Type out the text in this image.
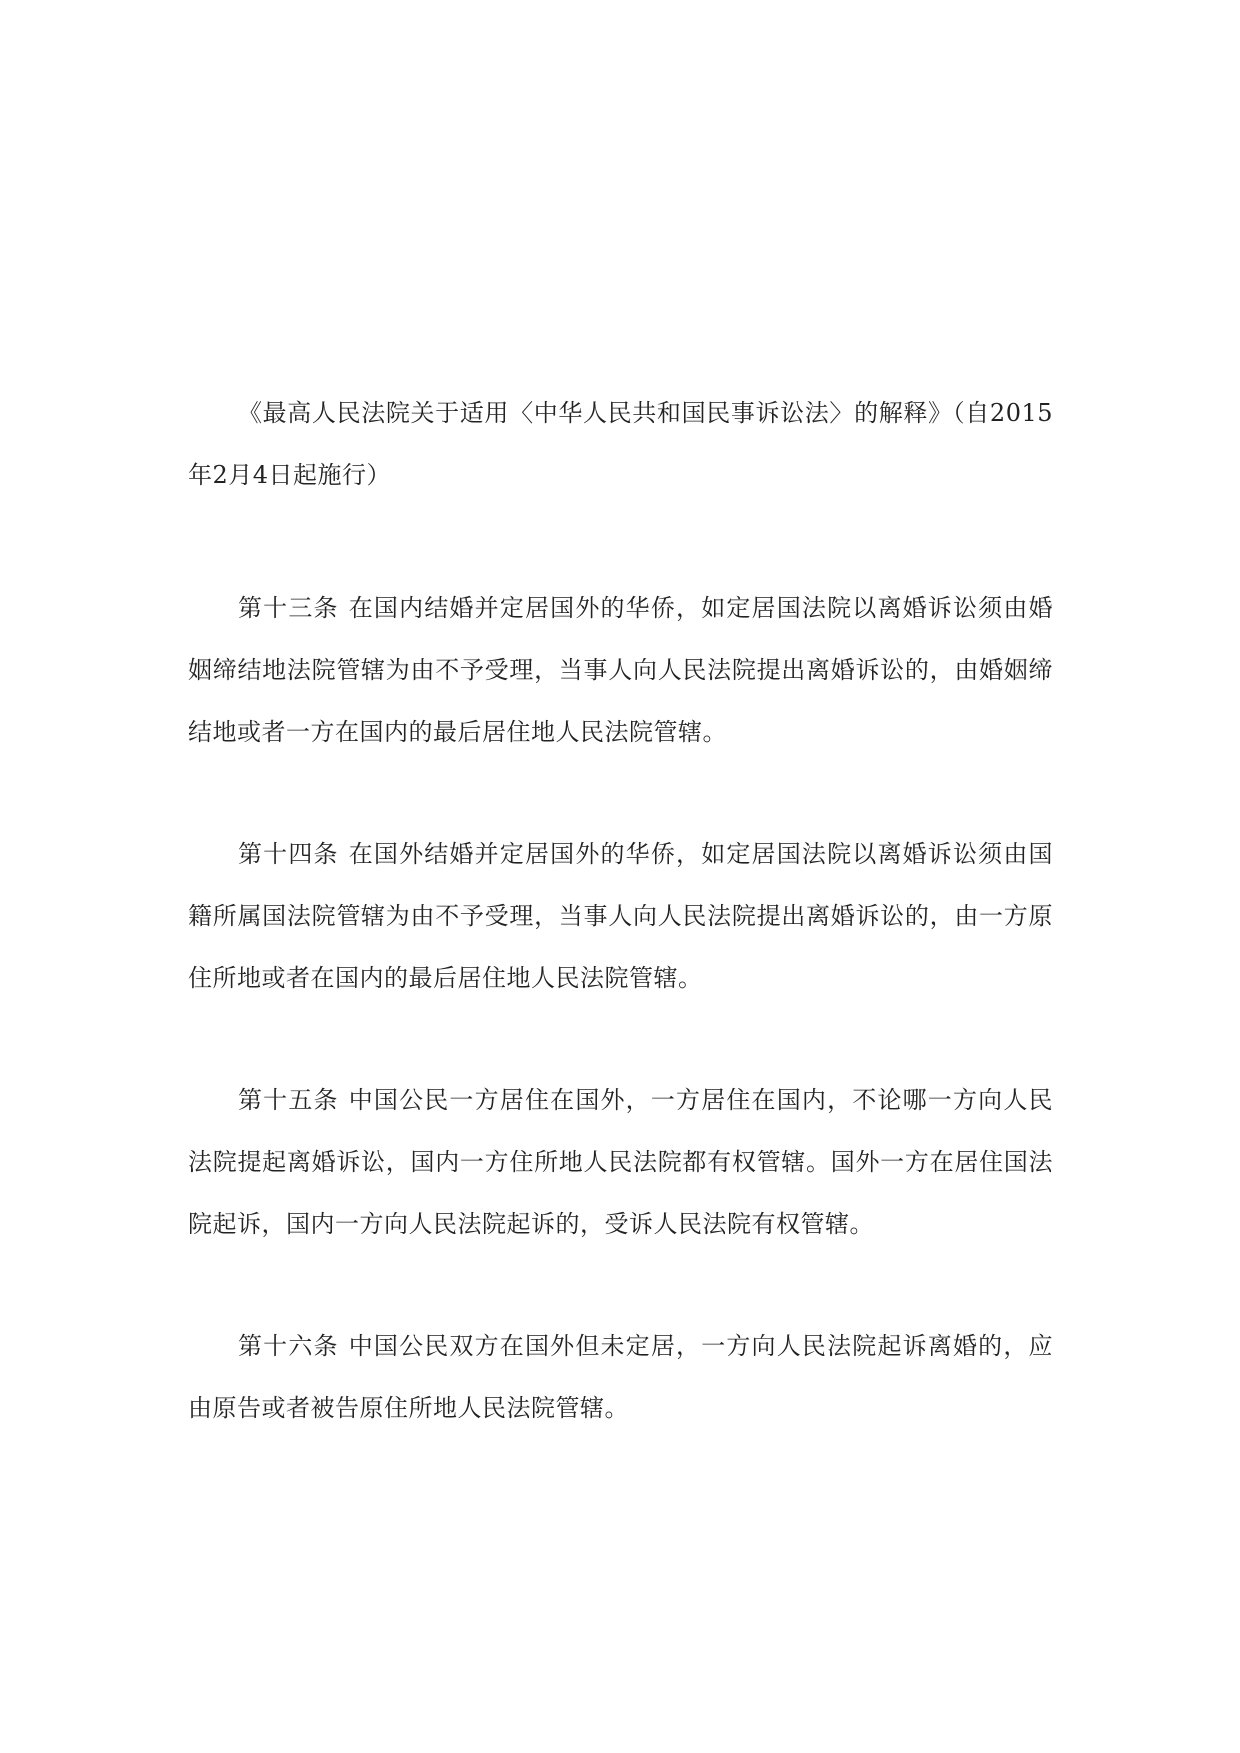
《最高人民法院关于适用〈中华人民共和国民事诉讼法〉的解释》（自2015年2月4日起施行）

第十三条 在国内结婚并定居国外的华侨，如定居国法院以离婚诉讼须由婚姻缔结地法院管辖为由不予受理，当事人向人民法院提出离婚诉讼的，由婚姻缔结地或者一方在国内的最后居住地人民法院管辖。

第十四条 在国外结婚并定居国外的华侨，如定居国法院以离婚诉讼须由国籍所属国法院管辖为由不予受理，当事人向人民法院提出离婚诉讼的，由一方原住所地或者在国内的最后居住地人民法院管辖。

第十五条 中国公民一方居住在国外，一方居住在国内，不论哪一方向人民法院提起离婚诉讼，国内一方住所地人民法院都有权管辖。国外一方在居住国法院起诉，国内一方向人民法院起诉的，受诉人民法院有权管辖。

第十六条 中国公民双方在国外但未定居，一方向人民法院起诉离婚的，应由原告或者被告原住所地人民法院管辖。
